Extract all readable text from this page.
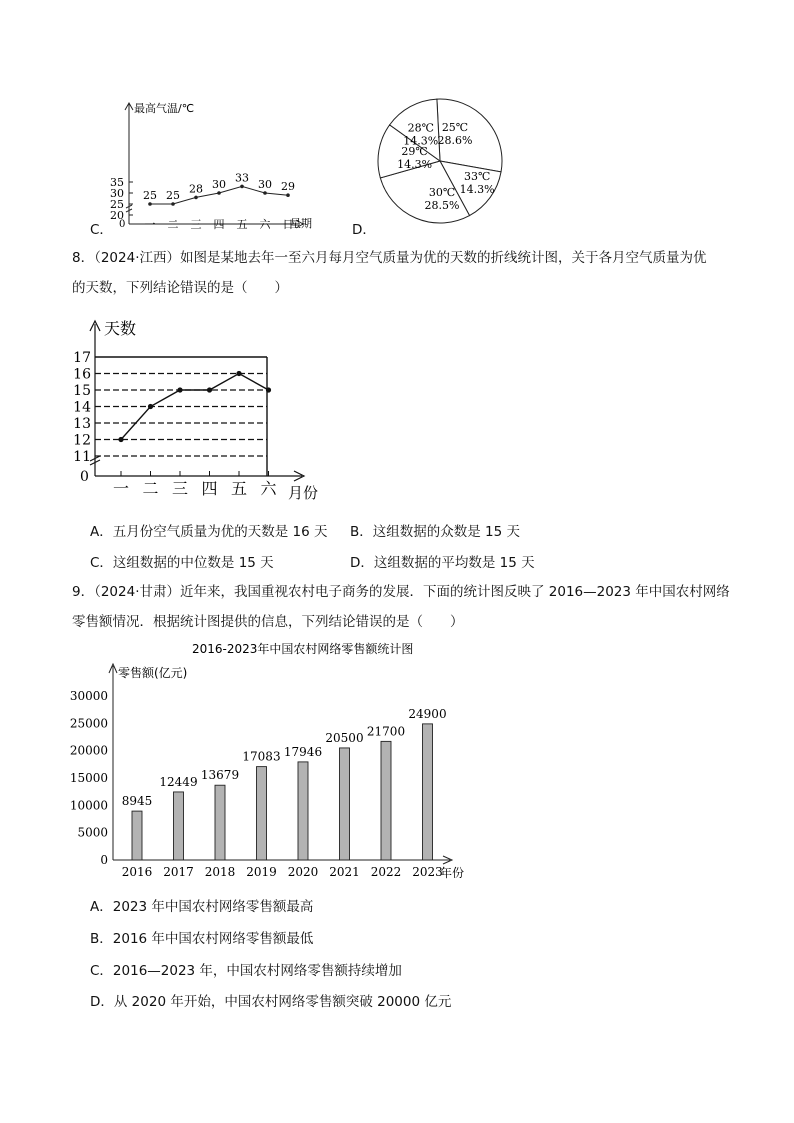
C．
最高气温/℃
星期
0
20
25
30
35
一 二 三 四 五 六 日
25 25
28 30
33
30 29
D．
25℃
28.6%
33℃
14.3%
30℃
28.5%
29℃
14.3%
28℃
14.3%
8．（2024·江西）如图是某地去年一至六月每月空气质量为优的天数的折线统计图，关于各月空气质量为优
的天数，下列结论错误的是（　　）
天数
月份
0
11
12
13
14
15
16
17
一 二 三 四 五 六
A．五月份空气质量为优的天数是 16 天 B．这组数据的众数是 15 天
C．这组数据的中位数是 15 天	D．这组数据的平均数是 15 天
9．（2024·甘肃）近年来，我国重视农村电子商务的发展．下面的统计图反映了 2016—2023 年中国农村网络
零售额情况．根据统计图提供的信息，下列结论错误的是（　　）
2016-2023年中国农村网络零售额统计图
零售额(亿元)
年份
0
5000
10000
15000
20000
25000
30000
2016 2017 2018 2019 2020 2021 2022 2023
8945
12449 13679
17083 17946
20500 21700
24900
A．2023 年中国农村网络零售额最高
B．2016 年中国农村网络零售额最低
C．2016—2023 年，中国农村网络零售额持续增加
D．从 2020 年开始，中国农村网络零售额突破 20000 亿元
